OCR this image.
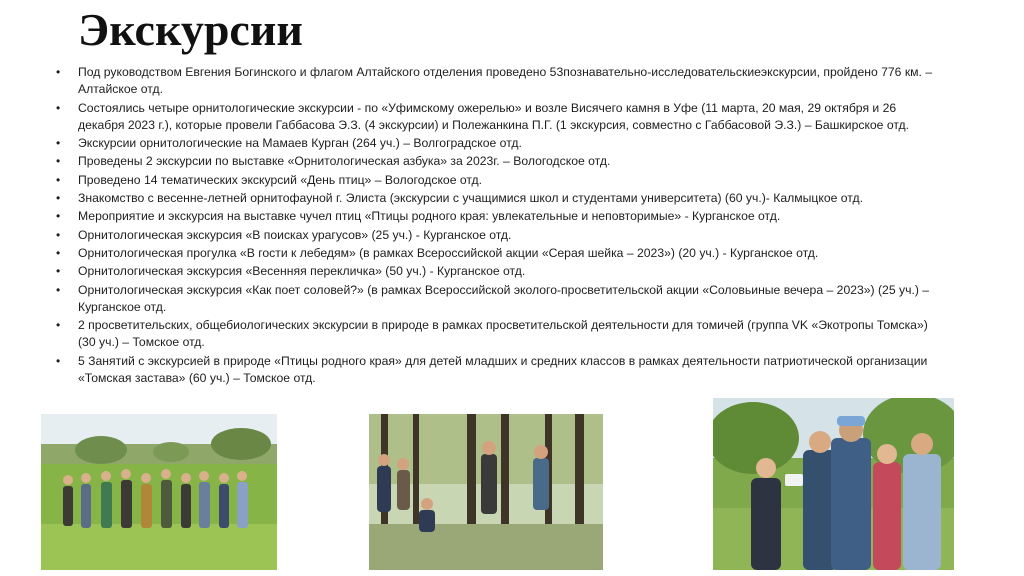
Экскурсии
• Под руководством Евгения Богинского и флагом Алтайского отделения проведено 53познавательно-исследовательскиеэкскурсии, пройдено 776 км. – Алтайское отд.
• Состоялись четыре орнитологические экскурсии - по «Уфимскому ожерелью» и возле Висячего камня в Уфе (11 марта, 20 мая, 29 октября и 26 декабря 2023 г.), которые провели Габбасова Э.З. (4 экскурсии) и Полежанкина П.Г. (1 экскурсия, совместно с Габбасовой Э.З.) – Башкирское отд.
• Экскурсии орнитологические на Мамаев Курган (264 уч.) – Волгоградское отд.
• Проведены 2 экскурсии по выставке «Орнитологическая азбука» за 2023г. – Вологодское отд.
• Проведено 14 тематических экскурсий «День птиц» – Вологодское отд.
• Знакомство с весенне-летней орнитофауной г. Элиста (экскурсии с учащимися школ и студентами университета) (60 уч.)- Калмыцкое отд.
• Мероприятие и экскурсия на выставке чучел птиц «Птицы родного края: увлекательные и неповторимые» - Курганское отд.
• Орнитологическая экскурсия «В поисках урагусов» (25 уч.) - Курганское отд.
• Орнитологическая прогулка «В гости к лебедям» (в рамках Всероссийской акции «Серая шейка – 2023») (20 уч.) - Курганское отд.
• Орнитологическая экскурсия «Весенняя перекличка» (50 уч.) - Курганское отд.
• Орнитологическая экскурсия «Как поет соловей?» (в рамках Всероссийской эколого-просветительской акции «Соловьиные вечера – 2023») (25 уч.) – Курганское отд.
• 2 просветительских, общебиологических экскурсии в природе в рамках просветительской деятельности для томичей (группа VK «Экотропы Томска») (30 уч.) – Томское отд.
• 5 Занятий с экскурсией в природе «Птицы родного края» для детей младших и средних классов в рамках деятельности патриотической организации «Томская застава» (60 уч.) – Томское отд.
